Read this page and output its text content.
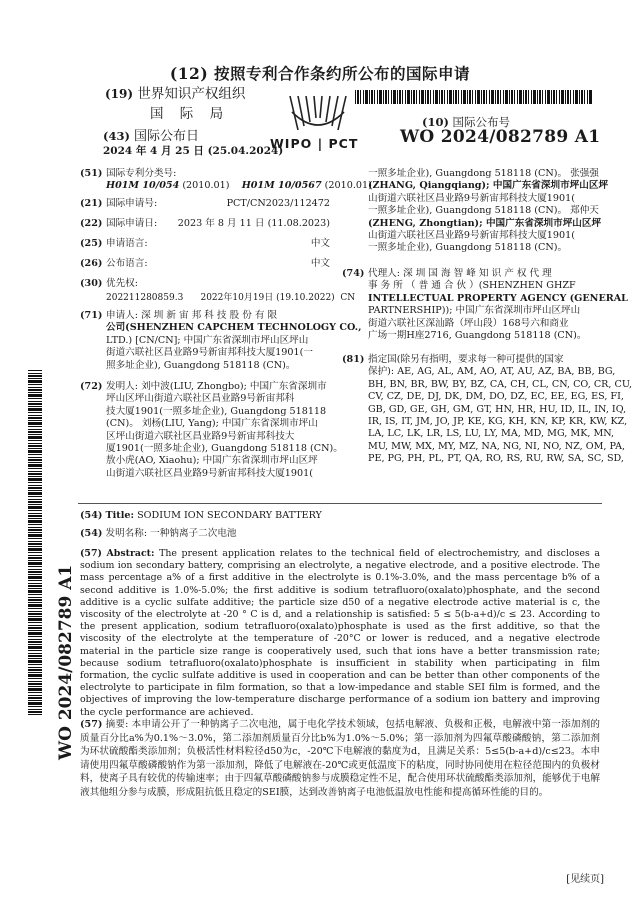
(12) 按照专利合作条约所公布的国际申请
(19) 世界知识产权组织
国 际 局
(43) 国际公布日
2024 年 4 月 25 日 (25.04.2024)
WIPO | PCT
(10) 国际公布号
WO 2024/082789 A1
WO 2024/082789 A1
(51) 国际专利分类号:
H01M 10/054 (2010.01) H01M 10/0567 (2010.01)
(21) 国际申请号:	PCT/CN2023/112472
(22) 国际申请日: 2023 年 8 月 11 日 (11.08.2023)
(25) 申请语言:	中文
(26) 公布语言:	中文
(30) 优先权:
202211280859.3      2022年10月19日 (19.10.2022)  CN
(71) 申请人: 深 圳 新 宙 邦 科 技 股 份 有 限
公司(SHENZHEN CAPCHEM TECHNOLOGY CO.,
LTD.) [CN/CN]; 中国广东省深圳市坪山区坪山
街道六联社区昌业路9号新宙邦科技大厦1901(一
照多址企业), Guangdong 518118 (CN)。
(72) 发明人: 刘中波(LIU, Zhongbo); 中国广东省深圳市
坪山区坪山街道六联社区昌业路9号新宙邦科
技大厦1901(一照多址企业), Guangdong 518118
(CN)。 刘杨(LIU, Yang); 中国广东省深圳市坪山
区坪山街道六联社区昌业路9号新宙邦科技大
厦1901(一照多址企业), Guangdong 518118 (CN)。
敖小虎(AO, Xiaohu); 中国广东省深圳市坪山区坪
山街道六联社区昌业路9号新宙邦科技大厦1901(
一照多址企业), Guangdong 518118 (CN)。 张强强
(ZHANG, Qiangqiang); 中国广东省深圳市坪山区坪
山街道六联社区昌业路9号新宙邦科技大厦1901(
一照多址企业), Guangdong 518118 (CN)。 郑仲天
(ZHENG, Zhongtian); 中国广东省深圳市坪山区坪
山街道六联社区昌业路9号新宙邦科技大厦1901(
一照多址企业), Guangdong 518118 (CN)。
(74) 代理人: 深 圳 国 海 智 峰 知 识 产 权 代 理
事 务 所 （ 普 通 合 伙 ）(SHENZHEN GHZF
INTELLECTUAL PROPERTY AGENCY (GENERAL
PARTNERSHIP)); 中国广东省深圳市坪山区坪山
街道六联社区深汕路（坪山段）168号六和商业
广场一期H座2716, Guangdong 518118 (CN)。
(81) 指定国(除另有指明，要求每一种可提供的国家
保护): AE, AG, AL, AM, AO, AT, AU, AZ, BA, BB, BG,
BH, BN, BR, BW, BY, BZ, CA, CH, CL, CN, CO, CR, CU,
CV, CZ, DE, DJ, DK, DM, DO, DZ, EC, EE, EG, ES, FI,
GB, GD, GE, GH, GM, GT, HN, HR, HU, ID, IL, IN, IQ,
IR, IS, IT, JM, JO, JP, KE, KG, KH, KN, KP, KR, KW, KZ,
LA, LC, LK, LR, LS, LU, LY, MA, MD, MG, MK, MN,
MU, MW, MX, MY, MZ, NA, NG, NI, NO, NZ, OM, PA,
PE, PG, PH, PL, PT, QA, RO, RS, RU, RW, SA, SC, SD,
(54) Title: SODIUM ION SECONDARY BATTERY
(54) 发明名称: 一种钠离子二次电池
(57) Abstract: The present application relates to the technical field of electrochemistry, and discloses a sodium ion secondary battery, comprising an electrolyte, a negative electrode, and a positive electrode. The mass percentage a% of a first additive in the electrolyte is 0.1%-3.0%, and the mass percentage b% of a second additive is 1.0%-5.0%; the first additive is sodium tetrafluoro(oxalato)phosphate, and the second additive is a cyclic sulfate additive; the particle size d50 of a negative electrode active material is c, the viscosity of the electrolyte at -20 ° C is d, and a relationship is satisfied: 5 ≤ 5(b-a+d)/c ≤ 23. According to the present application, sodium tetrafluoro(oxalato)phosphate is used as the first additive, so that the viscosity of the electrolyte at the temperature of -20°C or lower is reduced, and a negative electrode material in the particle size range is cooperatively used, such that ions have a better transmission rate; because sodium tetrafluoro(oxalato)phosphate is insufficient in stability when participating in film formation, the cyclic sulfate additive is used in cooperation and can be better than other components of the electrolyte to participate in film formation, so that a low-impedance and stable SEI film is formed, and the objectives of improving the low-temperature discharge performance of a sodium ion battery and improving the cycle performance are achieved.
(57) 摘要: 本申请公开了一种钠离子二次电池，属于电化学技术领域，包括电解液、负极和正极，电解液中第一添加剂的质量百分比a%为0.1%～3.0%，第二添加剂质量百分比b%为1.0%～5.0%；第一添加剂为四氟草酸磷酸钠，第二添加剂为环状硫酸酯类添加剂；负极活性材料粒径d50为c，-20℃下电解液的黏度为d，且满足关系：5≤5(b-a+d)/c≤23。本申请使用四氟草酸磷酸钠作为第一添加剂，降低了电解液在-20℃或更低温度下的粘度，同时协同使用在粒径范围内的负极材料，使离子具有较优的传输速率；由于四氟草酸磷酸钠参与成膜稳定性不足，配合使用环状硫酸酯类添加剂，能够优于电解液其他组分参与成膜，形成阻抗低且稳定的SEI膜，达到改善钠离子电池低温放电性能和提高循环性能的目的。
[见续页]
